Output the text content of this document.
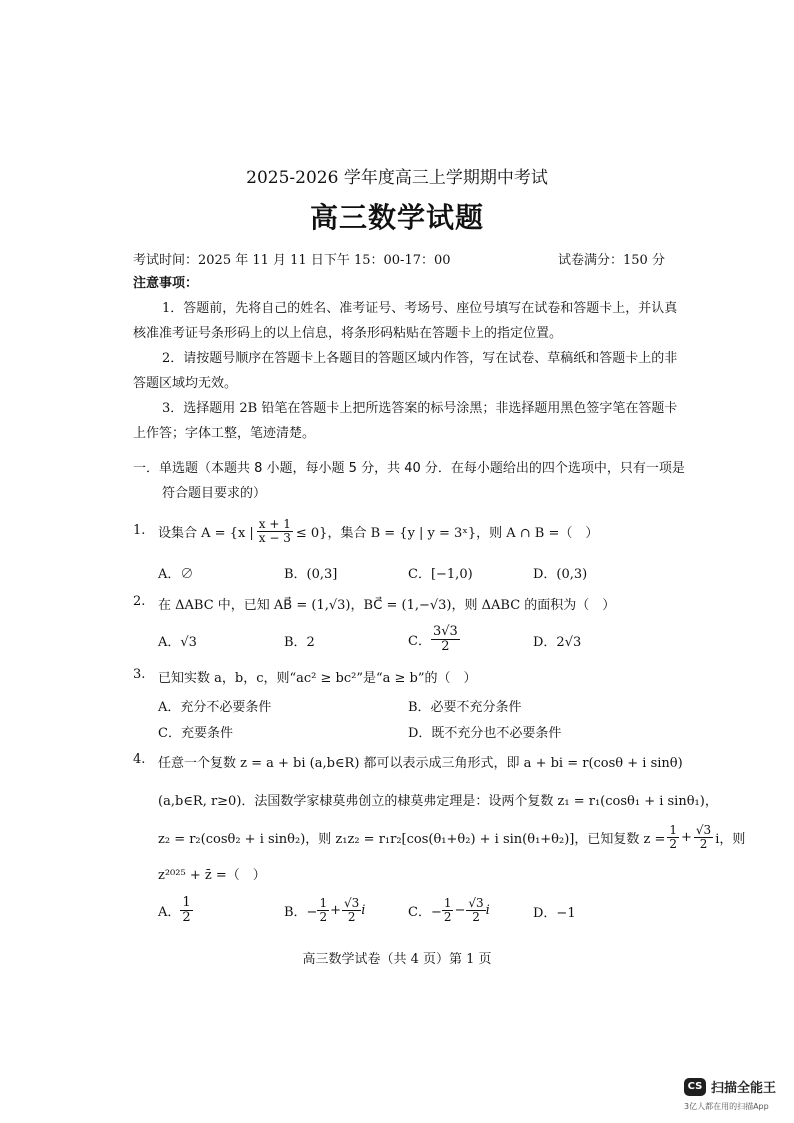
2025-2026 学年度高三上学期期中考试
高三数学试题
考试时间：2025 年 11 月 11 日下午 15：00-17：00	试卷满分：150 分
注意事项：
1．答题前，先将自己的姓名、准考证号、考场号、座位号填写在试卷和答题卡上，并认真
核准准考证号条形码上的以上信息，将条形码粘贴在答题卡上的指定位置。
2．请按题号顺序在答题卡上各题目的答题区域内作答，写在试卷、草稿纸和答题卡上的非
答题区域均无效。
3．选择题用 2B 铅笔在答题卡上把所选答案的标号涂黑；非选择题用黑色签字笔在答题卡
上作答；字体工整，笔迹清楚。
一．单选题（本题共 8 小题，每小题 5 分，共 40 分．在每小题给出的四个选项中，只有一项是
符合题目要求的）
1. 设集合 A = {x | $\frac{x + 1}{x - 3} \le 0$}，集合 B = {y | y = 3ˣ}，则 A ∩ B =（　）
A．∅	B．(0,3]	C．[−1,0)	D．(0,3)
2. 在 ΔABC 中，已知 AB⃗ = (1,√3)，BC⃗ = (1,−√3)，则 ΔABC 的面积为（　）
A．√3	B．2	C． $\frac{3√3}{2}$	D．2√3
3. 已知实数 a，b，c，则“ac² ≥ bc²”是“a ≥ b”的（　）
A．充分不必要条件	B．必要不充分条件
C．充要条件	D．既不充分也不必要条件
4. 任意一个复数 z = a + bi (a,b∈R) 都可以表示成三角形式，即 a + bi = r(cosθ + i sinθ)
(a,b∈R, r≥0)．法国数学家棣莫弗创立的棣莫弗定理是：设两个复数 z₁ = r₁(cosθ₁ + i sinθ₁)，
z₂ = r₂(cosθ₂ + i sinθ₂)，则 z₁z₂ = r₁r₂[cos(θ₁+θ₂) + i sin(θ₁+θ₂)]，已知复数 $z = \frac{1}{2} + \frac{√3}{2}$ i，则
z²⁰²⁵ + z̄ =（　）
A． $\frac{1}{2}$	B．− $\frac{1}{2} + \frac{√3}{2}$ i	C．− $\frac{1}{2} - \frac{√3}{2}$ i	D．−1
高三数学试卷（共 4 页）第 1 页
CS 扫描全能王
3亿人都在用的扫描App
